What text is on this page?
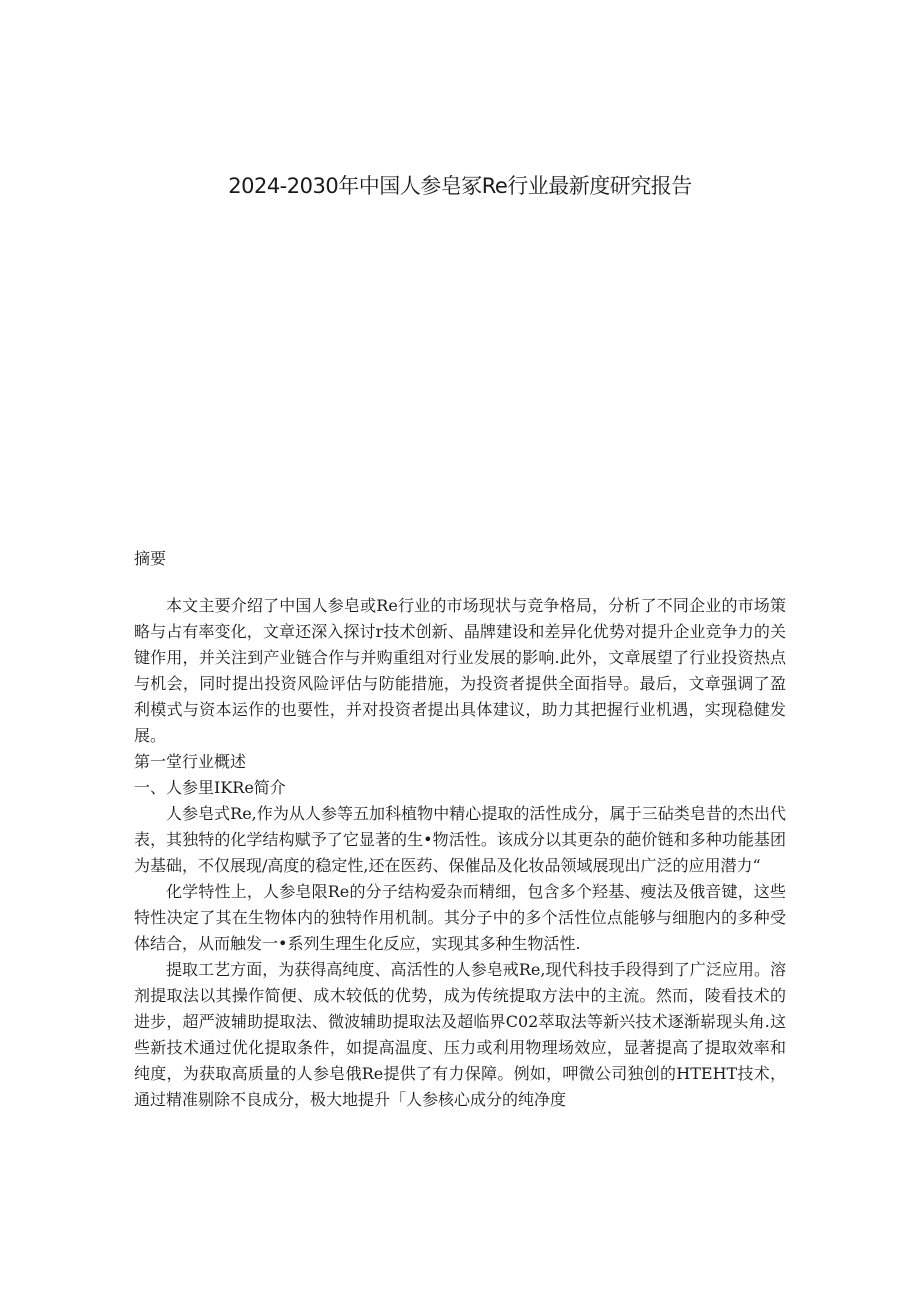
2024-2030年中国人参皂冢Re行业最新度研究报告

摘要

本文主要介绍了中国人参皂或Re行业的市场现状与竞争格局，分析了不同企业的市场策略与占有率变化，文章还深入探讨r技术创新、晶牌建设和差异化优势对提升企业竞争力的关键作用，并关注到产业链合作与并购重组对行业发展的影响.此外，文章展望了行业投资热点与机会，同时提出投资风险评估与防能措施，为投资者提供全面指导。最后，文章强调了盈利模式与资本运作的也要性，并对投资者提出具体建议，助力其把握行业机遇，实现稳健发展。

第一堂行业概述

一、人参里IKRe简介

人参皂式Re,作为从人参等五加科植物中精心提取的活性成分，属于三砧类皂昔的杰出代表，其独特的化学结构赋予了它显著的生•物活性。该成分以其更杂的葩价链和多种功能基团为基础，不仅展现/高度的稳定性,还在医药、保催品及化妆品领域展现出广泛的应用潜力“

化学特性上，人参皂限Re的分子结构爱杂而精细，包含多个羟基、瘦法及俄音键，这些特性决定了其在生物体内的独特作用机制。其分子中的多个活性位点能够与细胞内的多种受体结合，从而触发一•系列生理生化反应，实现其多种生物活性.

提取工艺方面，为获得高纯度、高活性的人参皂戒Re,现代科技手段得到了广泛应用。溶剂提取法以其操作简便、成木较低的优势，成为传统提取方法中的主流。然而，陵看技术的进步，超严波辅助提取法、微波辅助提取法及超临界C02萃取法等新兴技术逐渐崭现头角.这些新技术通过优化提取条件，如提高温度、压力或利用物理场效应，显著提高了提取效率和纯度，为获取高质量的人参皂俄Re提供了有力保障。例如，呷微公司独创的HTEHT技术，通过精准剔除不良成分，极大地提升「人参核心成分的纯净度
